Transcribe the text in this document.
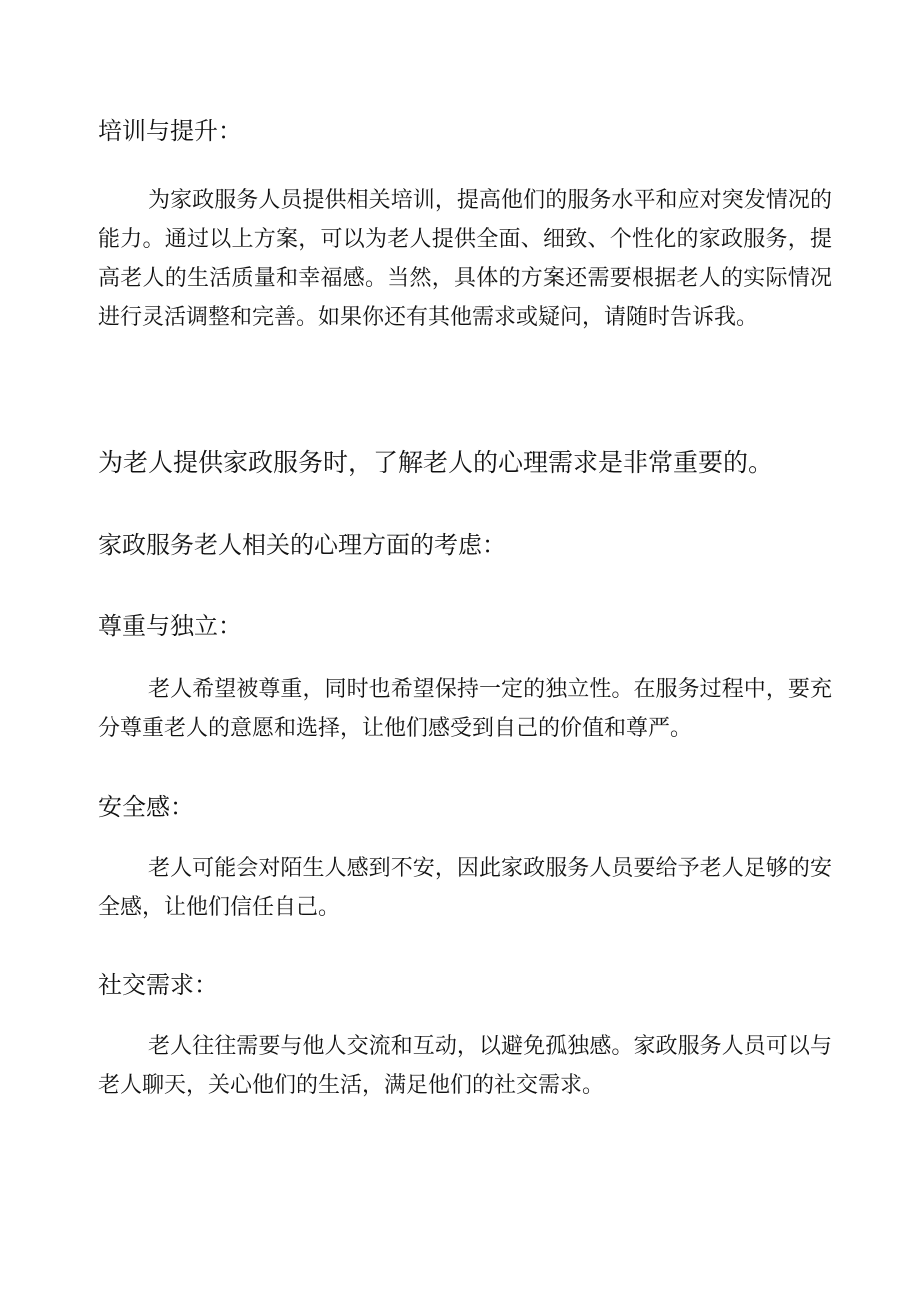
培训与提升：
为家政服务人员提供相关培训，提高他们的服务水平和应对突发情况的能力。通过以上方案，可以为老人提供全面、细致、个性化的家政服务，提高老人的生活质量和幸福感。当然，具体的方案还需要根据老人的实际情况进行灵活调整和完善。如果你还有其他需求或疑问，请随时告诉我。
为老人提供家政服务时，了解老人的心理需求是非常重要的。
家政服务老人相关的心理方面的考虑：
尊重与独立：
老人希望被尊重，同时也希望保持一定的独立性。在服务过程中，要充分尊重老人的意愿和选择，让他们感受到自己的价值和尊严。
安全感：
老人可能会对陌生人感到不安，因此家政服务人员要给予老人足够的安全感，让他们信任自己。
社交需求：
老人往往需要与他人交流和互动，以避免孤独感。家政服务人员可以与老人聊天，关心他们的生活，满足他们的社交需求。
